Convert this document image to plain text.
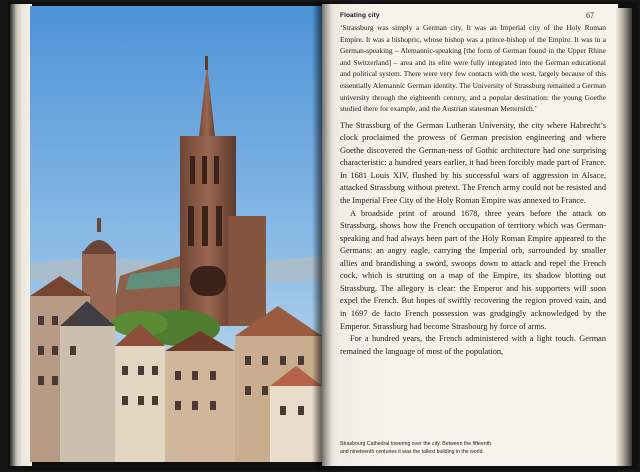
Floating city	67

‘Strassburg was simply a German city. It was an Imperial city of the Holy Roman Empire. It was a bishopric, whose bishop was a prince-bishop of the Empire. It was in a German-speaking – Alemannic-speaking [the form of German found in the Upper Rhine and Switzerland] – area and its elite were fully integrated into the German educational and political system. There were very few contacts with the west, largely because of this essentially Alemannic German identity. The University of Strassburg remained a German university through the eighteenth century, and a popular destination: the young Goethe studied there for example, and the Austrian statesman Metternich.’

The Strassburg of the German Lutheran University, the city where Habrecht’s clock proclaimed the prowess of German precision engineering and where Goethe discovered the German-ness of Gothic architecture had one surprising characteristic: a hundred years earlier, it had been forcibly made part of France. In 1681 Louis XIV, flushed by his successful wars of aggression in Alsace, attacked Strassburg without pretext. The French army could not be resisted and the Imperial Free City of the Holy Roman Empire was annexed to France.

A broadside print of around 1678, three years before the attack on Strassburg, shows how the French occupation of territory which was German-speaking and had always been part of the Holy Roman Empire appeared to the Germans: an angry eagle, carrying the Imperial orb, surrounded by smaller allies and brandishing a sword, swoops down to attack and repel the French cock, which is strutting on a map of the Empire, its shadow blotting out Strassburg. The allegory is clear: the Emperor and his supporters will soon expel the French. But hopes of swiftly recovering the region proved vain, and in 1697 de facto French possession was grudgingly acknowledged by the Emperor. Strassburg had become Strasbourg by force of arms.

For a hundred years, the French administered with a light touch. German remained the language of most of the population,

Strasbourg Cathedral towering over the city. Between the fifteenth
and nineteenth centuries it was the tallest building in the world.
